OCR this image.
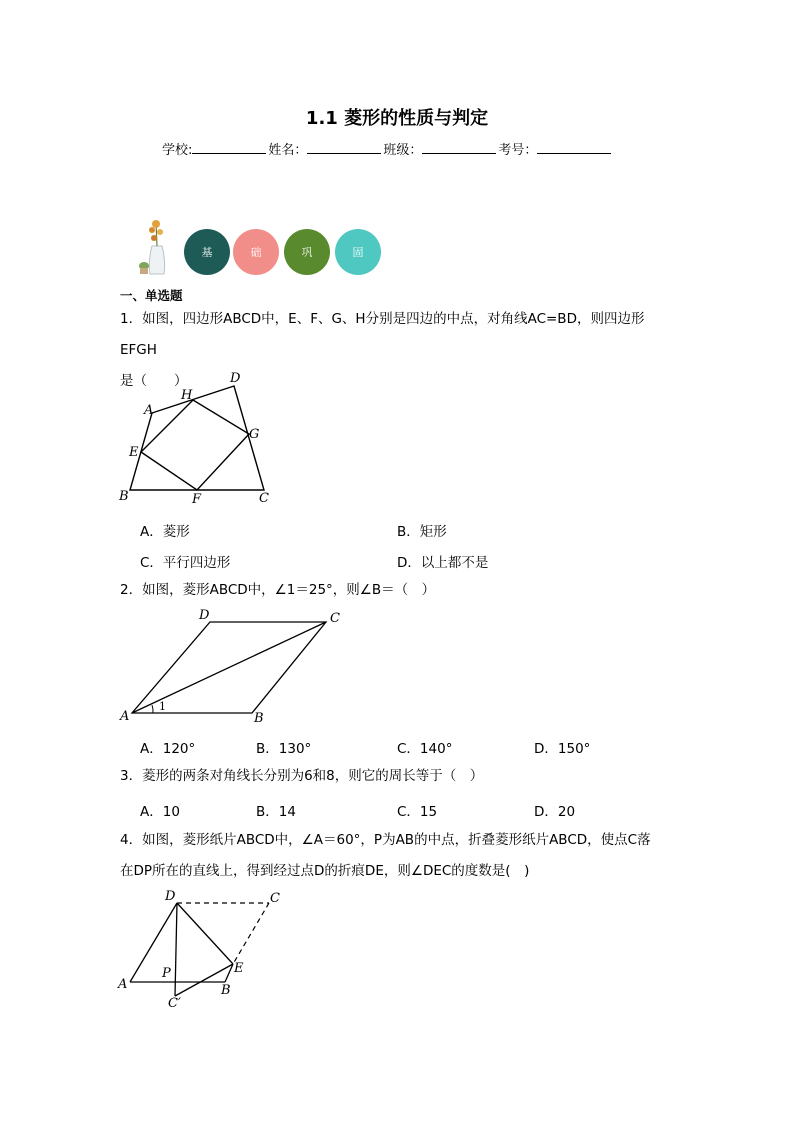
1.1 菱形的性质与判定
学校:	姓名：	班级：	考号：
基	础	巩	固
一、单选题
1．如图，四边形ABCD中，E、F、G、H分别是四边的中点，对角线AC=BD，则四边形EFGH
是（　　）
A
B	C
D
E
F
G
H
A．菱形	B．矩形
C．平行四边形	D．以上都不是
2．如图，菱形ABCD中，∠1＝25°，则∠B＝（　）
A	B
C
D
1
A．120°	B．130°	C．140°	D．150°
3．菱形的两条对角线长分别为6和8，则它的周长等于（　）
A．10	B．14	C．15	D．20
4．如图，菱形纸片ABCD中，∠A＝60°，P为AB的中点，折叠菱形纸片ABCD，使点C落
在DP所在的直线上，得到经过点D的折痕DE，则∠DEC的度数是(　)
A	B
C
D
E
P
C′
